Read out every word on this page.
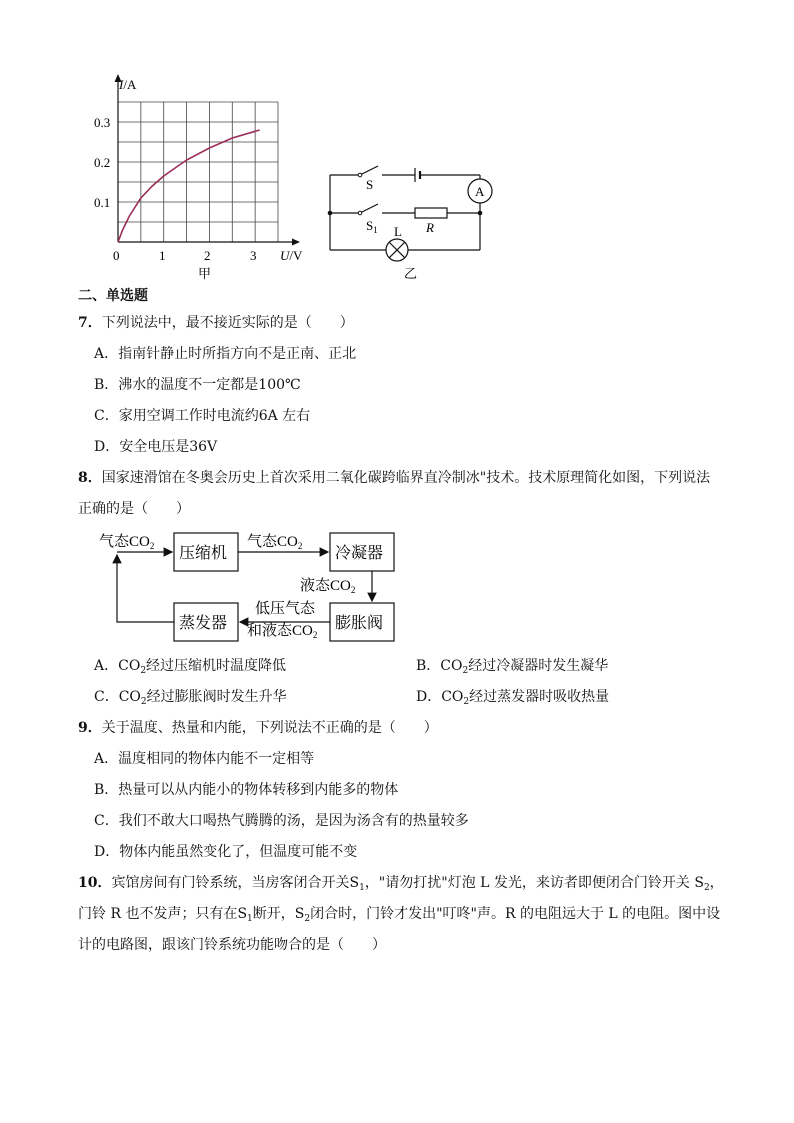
I/A
0.3
0.2
0.1
0	1	2	3 U/V
甲
A
S
$S_1$ L R
乙
二、单选题
7．下列说法中，最不接近实际的是（　　）
A．指南针静止时所指方向不是正南、正北
B．沸水的温度不一定都是100℃
C．家用空调工作时电流约6A 左右
D．安全电压是36V
8．国家速滑馆在冬奥会历史上首次采用二氧化碳跨临界直冷制冰"技术。技术原理简化如图，下列说法
正确的是（　　）
压缩机	冷凝器
蒸发器	膨胀阀
气态$CO_2$	气态$CO_2$
液态$CO_2$
低压气态
和液态$CO_2$
A．$CO_2$经过压缩机时温度降低	B．$CO_2$经过冷凝器时发生凝华
C．$CO_2$经过膨胀阀时发生升华	D．$CO_2$经过蒸发器时吸收热量
9．关于温度、热量和内能，下列说法不正确的是（　　）
A．温度相同的物体内能不一定相等
B．热量可以从内能小的物体转移到内能多的物体
C．我们不敢大口喝热气腾腾的汤，是因为汤含有的热量较多
D．物体内能虽然变化了，但温度可能不变
10．宾馆房间有门铃系统，当房客闭合开关$S_1$，"请勿打扰"灯泡 L 发光，来访者即便闭合门铃开关 $S_2$，
门铃 R 也不发声；只有在$S_1$断开，$S_2$闭合时，门铃才发出"叮咚"声。R 的电阻远大于 L 的电阻。图中设
计的电路图，跟该门铃系统功能吻合的是（　　）
